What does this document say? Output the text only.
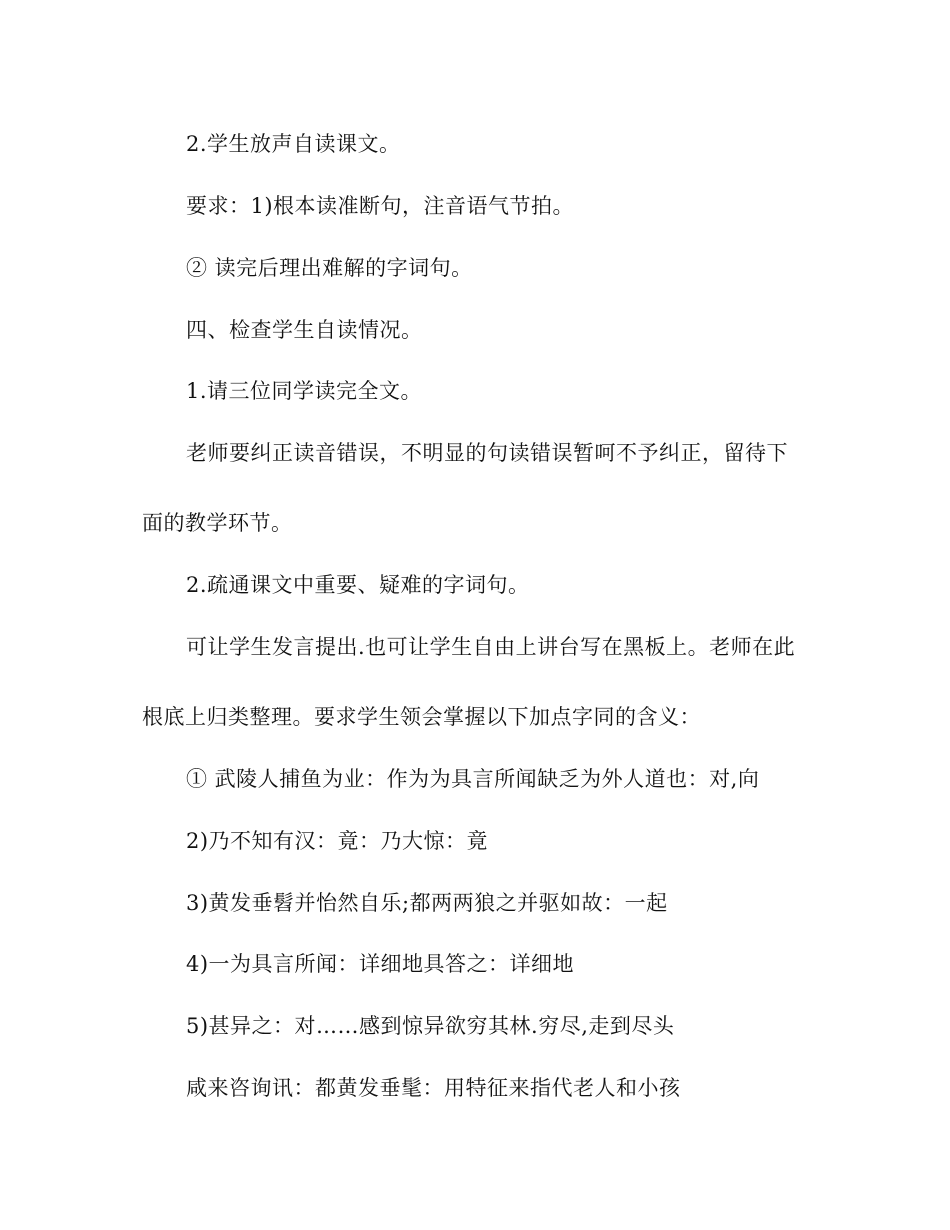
2.学生放声自读课文。
要求：1)根本读准断句，注音语气节拍。
② 读完后理出难解的字词句。
四、检查学生自读情况。
1.请三位同学读完全文。
老师要纠正读音错误，不明显的句读错误暂呵不予纠正，留待下
面的教学环节。
2.疏通课文中重要、疑难的字词句。
可让学生发言提出.也可让学生自由上讲台写在黑板上。老师在此
根底上归类整理。要求学生领会掌握以下加点字同的含义：
① 武陵人捕鱼为业：作为为具言所闻缺乏为外人道也：对,向
2)乃不知有汉：竟：乃大惊：竟
3)黄发垂髫并怡然自乐;都两两狼之并驱如故：一起
4)一为具言所闻：详细地具答之：详细地
5)甚异之：对……感到惊异欲穷其林.穷尽,走到尽头
咸来咨询讯：都黄发垂髦：用特征来指代老人和小孩
